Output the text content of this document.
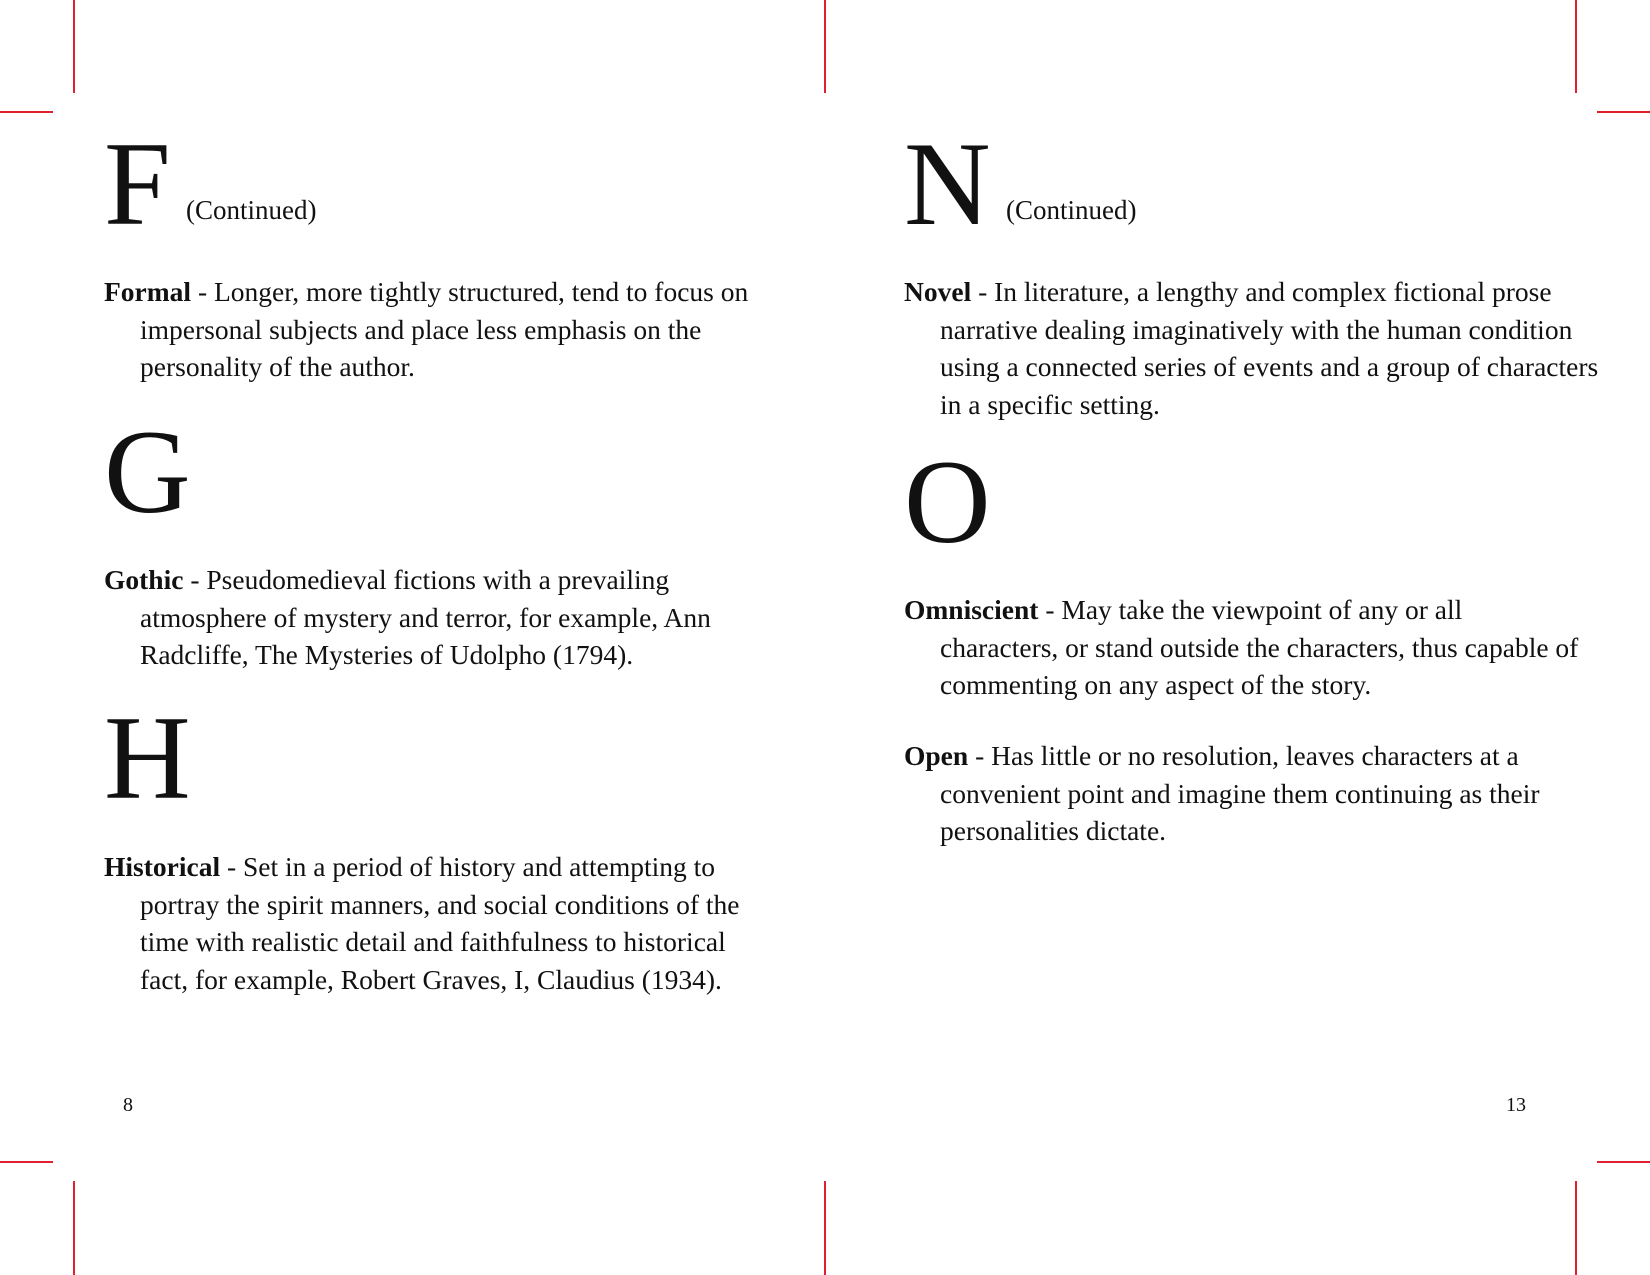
F (Continued)

Formal - Longer, more tightly structured, tend to focus on impersonal subjects and place less emphasis on the personality of the author.

G

Gothic - Pseudomedieval fictions with a prevailing atmosphere of mystery and terror, for example, Ann Radcliffe, The Mysteries of Udolpho (1794).

H

Historical - Set in a period of history and attempting to portray the spirit manners, and social conditions of the time with realistic detail and faithfulness to historical fact, for example, Robert Graves, I, Claudius (1934).

8
N (Continued)

Novel - In literature, a lengthy and complex fictional prose narrative dealing imaginatively with the human condition using a connected series of events and a group of characters in a specific setting.

O

Omniscient - May take the viewpoint of any or all characters, or stand outside the characters, thus capable of commenting on any aspect of the story.

Open - Has little or no resolution, leaves characters at a convenient point and imagine them continuing as their personalities dictate.

13
